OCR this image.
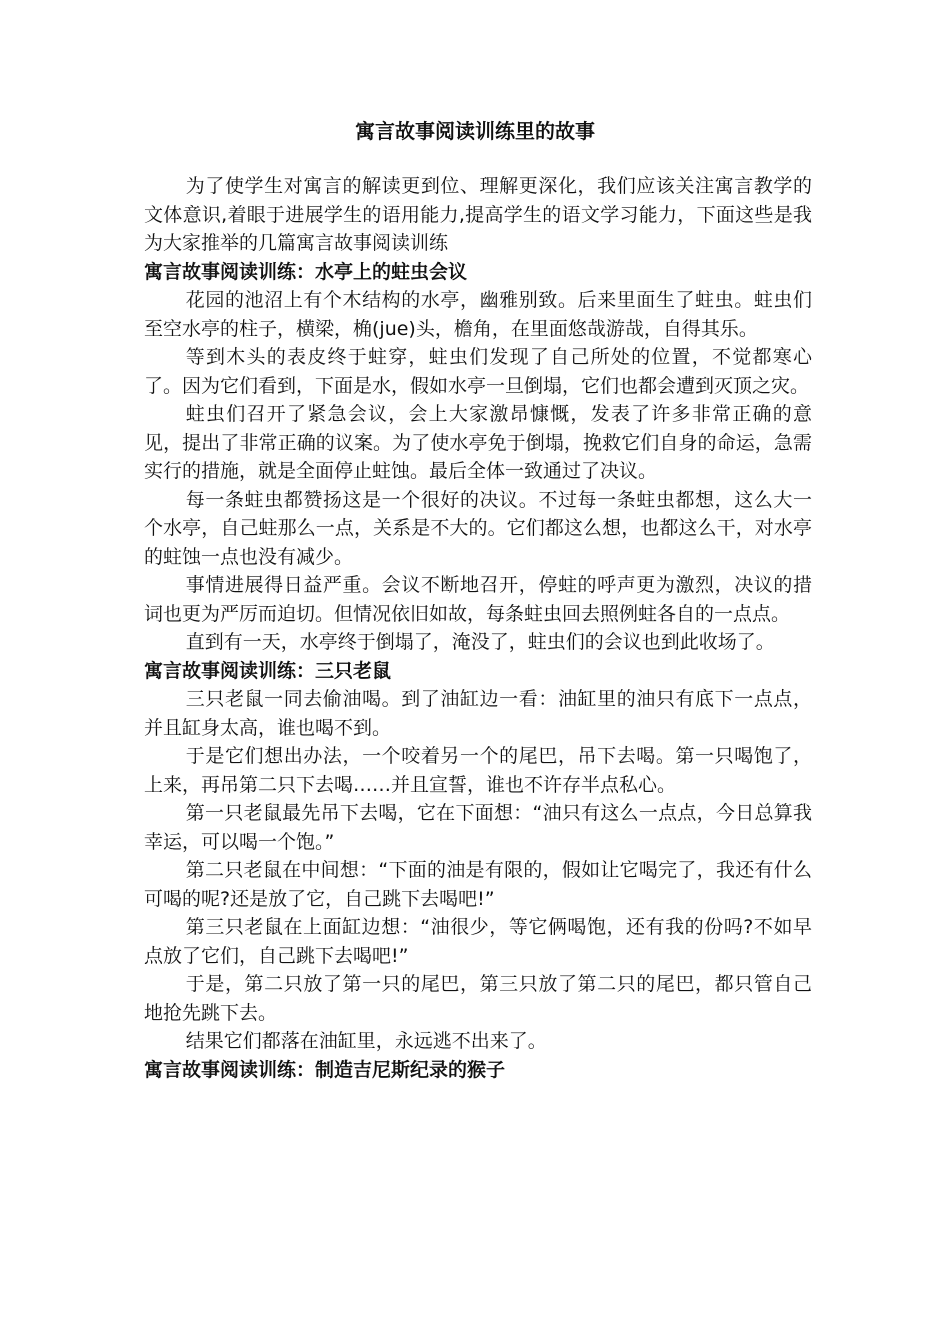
寓言故事阅读训练里的故事

为了使学生对寓言的解读更到位、理解更深化，我们应该关注寓言教学的文体意识,着眼于进展学生的语用能力,提高学生的语文学习能力，下面这些是我为大家推举的几篇寓言故事阅读训练

寓言故事阅读训练：水亭上的蛀虫会议

花园的池沼上有个木结构的水亭，幽雅别致。后来里面生了蛀虫。蛀虫们至空水亭的柱子，横梁，桷(jue)头，檐角，在里面悠哉游哉，自得其乐。

等到木头的表皮终于蛀穿，蛀虫们发现了自己所处的位置，不觉都寒心了。因为它们看到，下面是水，假如水亭一旦倒塌，它们也都会遭到灭顶之灾。

蛀虫们召开了紧急会议，会上大家激昂慷慨，发表了许多非常正确的意见，提出了非常正确的议案。为了使水亭免于倒塌，挽救它们自身的命运，急需实行的措施，就是全面停止蛀蚀。最后全体一致通过了决议。

每一条蛀虫都赞扬这是一个很好的决议。不过每一条蛀虫都想，这么大一个水亭，自己蛀那么一点，关系是不大的。它们都这么想，也都这么干，对水亭的蛀蚀一点也没有减少。

事情进展得日益严重。会议不断地召开，停蛀的呼声更为激烈，决议的措词也更为严厉而迫切。但情况依旧如故，每条蛀虫回去照例蛀各自的一点点。

直到有一天，水亭终于倒塌了，淹没了，蛀虫们的会议也到此收场了。

寓言故事阅读训练：三只老鼠

三只老鼠一同去偷油喝。到了油缸边一看：油缸里的油只有底下一点点，并且缸身太高，谁也喝不到。

于是它们想出办法，一个咬着另一个的尾巴，吊下去喝。第一只喝饱了，上来，再吊第二只下去喝……并且宣誓，谁也不许存半点私心。

第一只老鼠最先吊下去喝，它在下面想：“油只有这么一点点，今日总算我幸运，可以喝一个饱。”

第二只老鼠在中间想：“下面的油是有限的，假如让它喝完了，我还有什么可喝的呢?还是放了它，自己跳下去喝吧!”

第三只老鼠在上面缸边想：“油很少，等它俩喝饱，还有我的份吗?不如早点放了它们，自己跳下去喝吧!”

于是，第二只放了第一只的尾巴，第三只放了第二只的尾巴，都只管自己地抢先跳下去。

结果它们都落在油缸里，永远逃不出来了。

寓言故事阅读训练：制造吉尼斯纪录的猴子
